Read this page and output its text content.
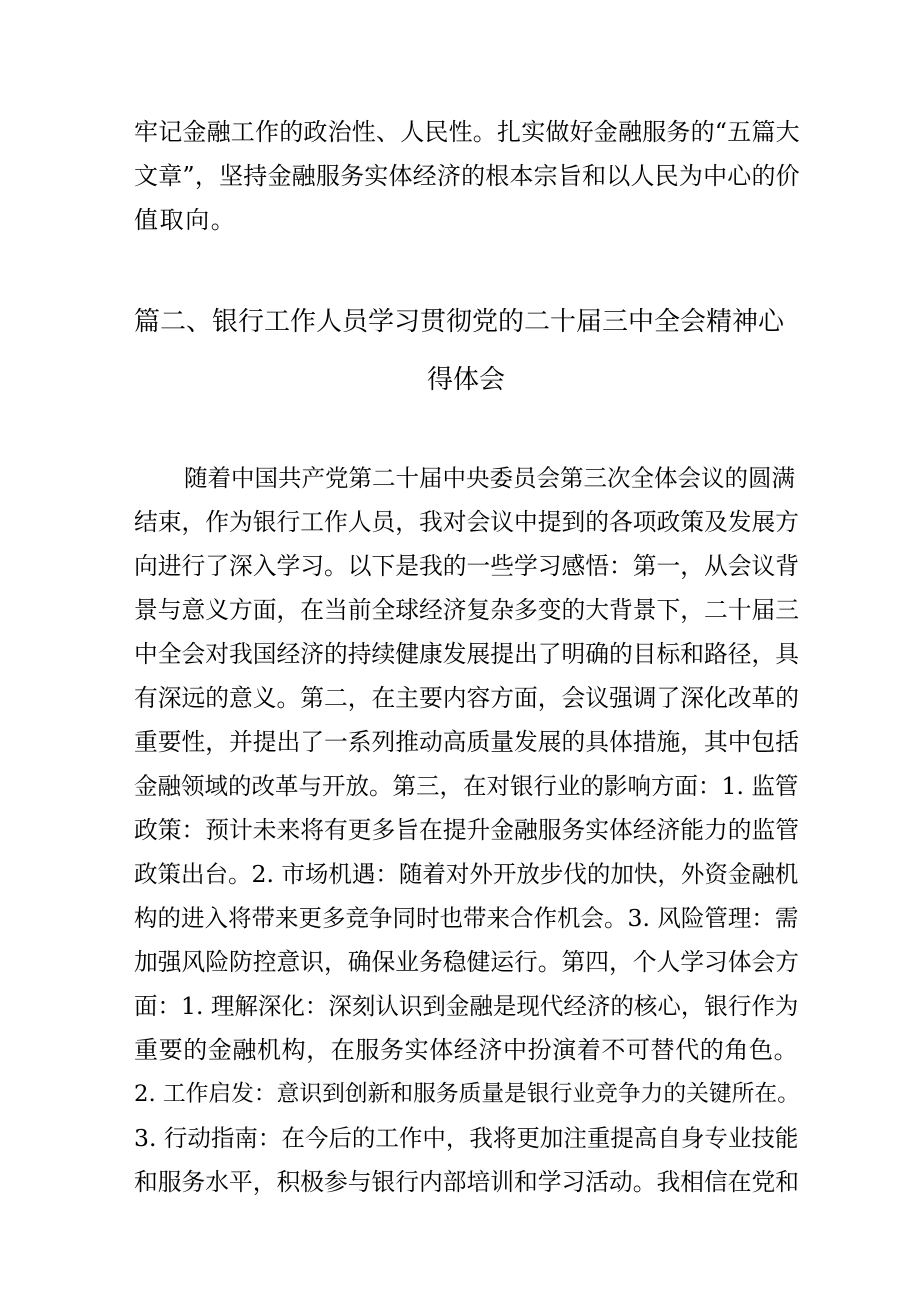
牢记金融工作的政治性、人民性。扎实做好金融服务的“五篇大

文章”，坚持金融服务实体经济的根本宗旨和以人民为中心的价

值取向。

篇二、银行工作人员学习贯彻党的二十届三中全会精神心
得体会

随着中国共产党第二十届中央委员会第三次全体会议的圆满

结束，作为银行工作人员，我对会议中提到的各项政策及发展方

向进行了深入学习。以下是我的一些学习感悟：第一，从会议背

景与意义方面，在当前全球经济复杂多变的大背景下，二十届三

中全会对我国经济的持续健康发展提出了明确的目标和路径，具

有深远的意义。第二，在主要内容方面，会议强调了深化改革的

重要性，并提出了一系列推动高质量发展的具体措施，其中包括

金融领域的改革与开放。第三，在对银行业的影响方面：1. 监管

政策：预计未来将有更多旨在提升金融服务实体经济能力的监管

政策出台。2. 市场机遇：随着对外开放步伐的加快，外资金融机

构的进入将带来更多竞争同时也带来合作机会。3. 风险管理：需

加强风险防控意识，确保业务稳健运行。第四，个人学习体会方

面：1. 理解深化：深刻认识到金融是现代经济的核心，银行作为

重要的金融机构，在服务实体经济中扮演着不可替代的角色。

2. 工作启发：意识到创新和服务质量是银行业竞争力的关键所在。

3. 行动指南：在今后的工作中，我将更加注重提高自身专业技能

和服务水平，积极参与银行内部培训和学习活动。我相信在党和
